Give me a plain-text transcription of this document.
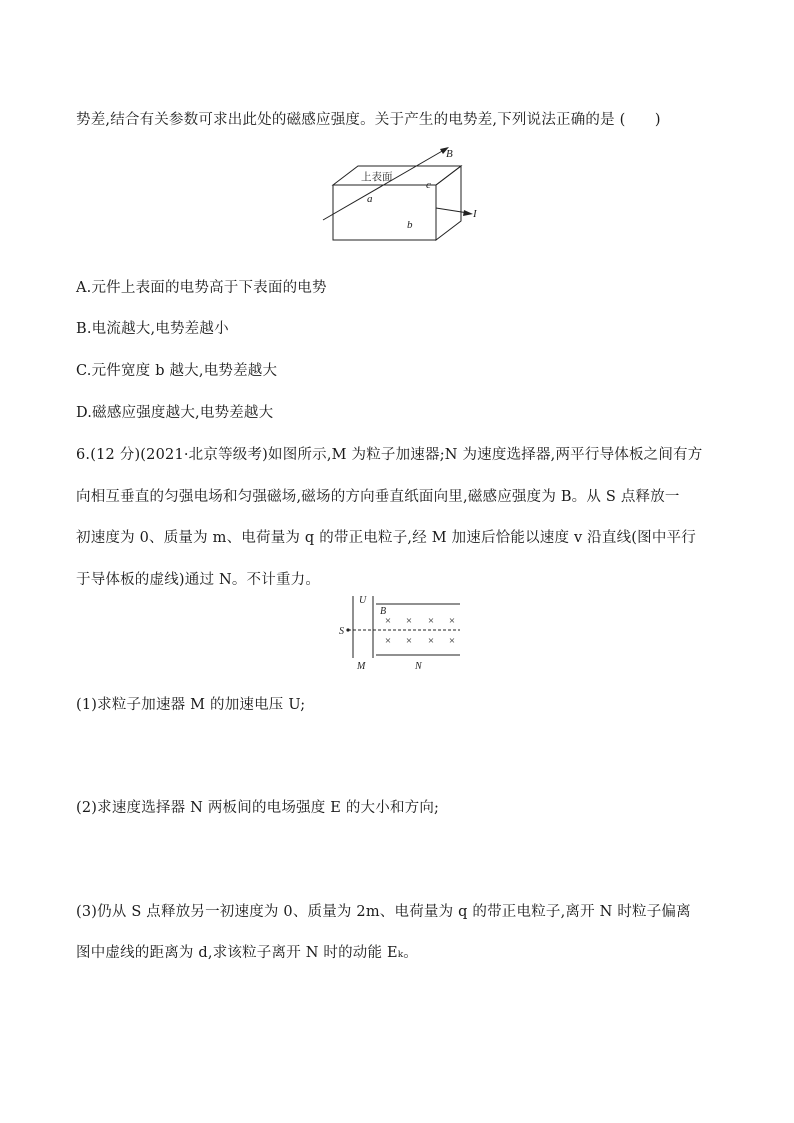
势差,结合有关参数可求出此处的磁感应强度。关于产生的电势差,下列说法正确的是 (　　)
B
上表面
a
c
b
I
A.元件上表面的电势高于下表面的电势
B.电流越大,电势差越小
C.元件宽度 b 越大,电势差越大
D.磁感应强度越大,电势差越大
6.(12 分)(2021·北京等级考)如图所示,M 为粒子加速器;N 为速度选择器,两平行导体板之间有方
向相互垂直的匀强电场和匀强磁场,磁场的方向垂直纸面向里,磁感应强度为 B。从 S 点释放一
初速度为 0、质量为 m、电荷量为 q 的带正电粒子,经 M 加速后恰能以速度 v 沿直线(图中平行
于导体板的虚线)通过 N。不计重力。
U
B
S
M	N
× × × ×
× × × ×
(1)求粒子加速器 M 的加速电压 U;
(2)求速度选择器 N 两板间的电场强度 E 的大小和方向;
(3)仍从 S 点释放另一初速度为 0、质量为 2m、电荷量为 q 的带正电粒子,离开 N 时粒子偏离
图中虚线的距离为 d,求该粒子离开 N 时的动能 Eₖ。
